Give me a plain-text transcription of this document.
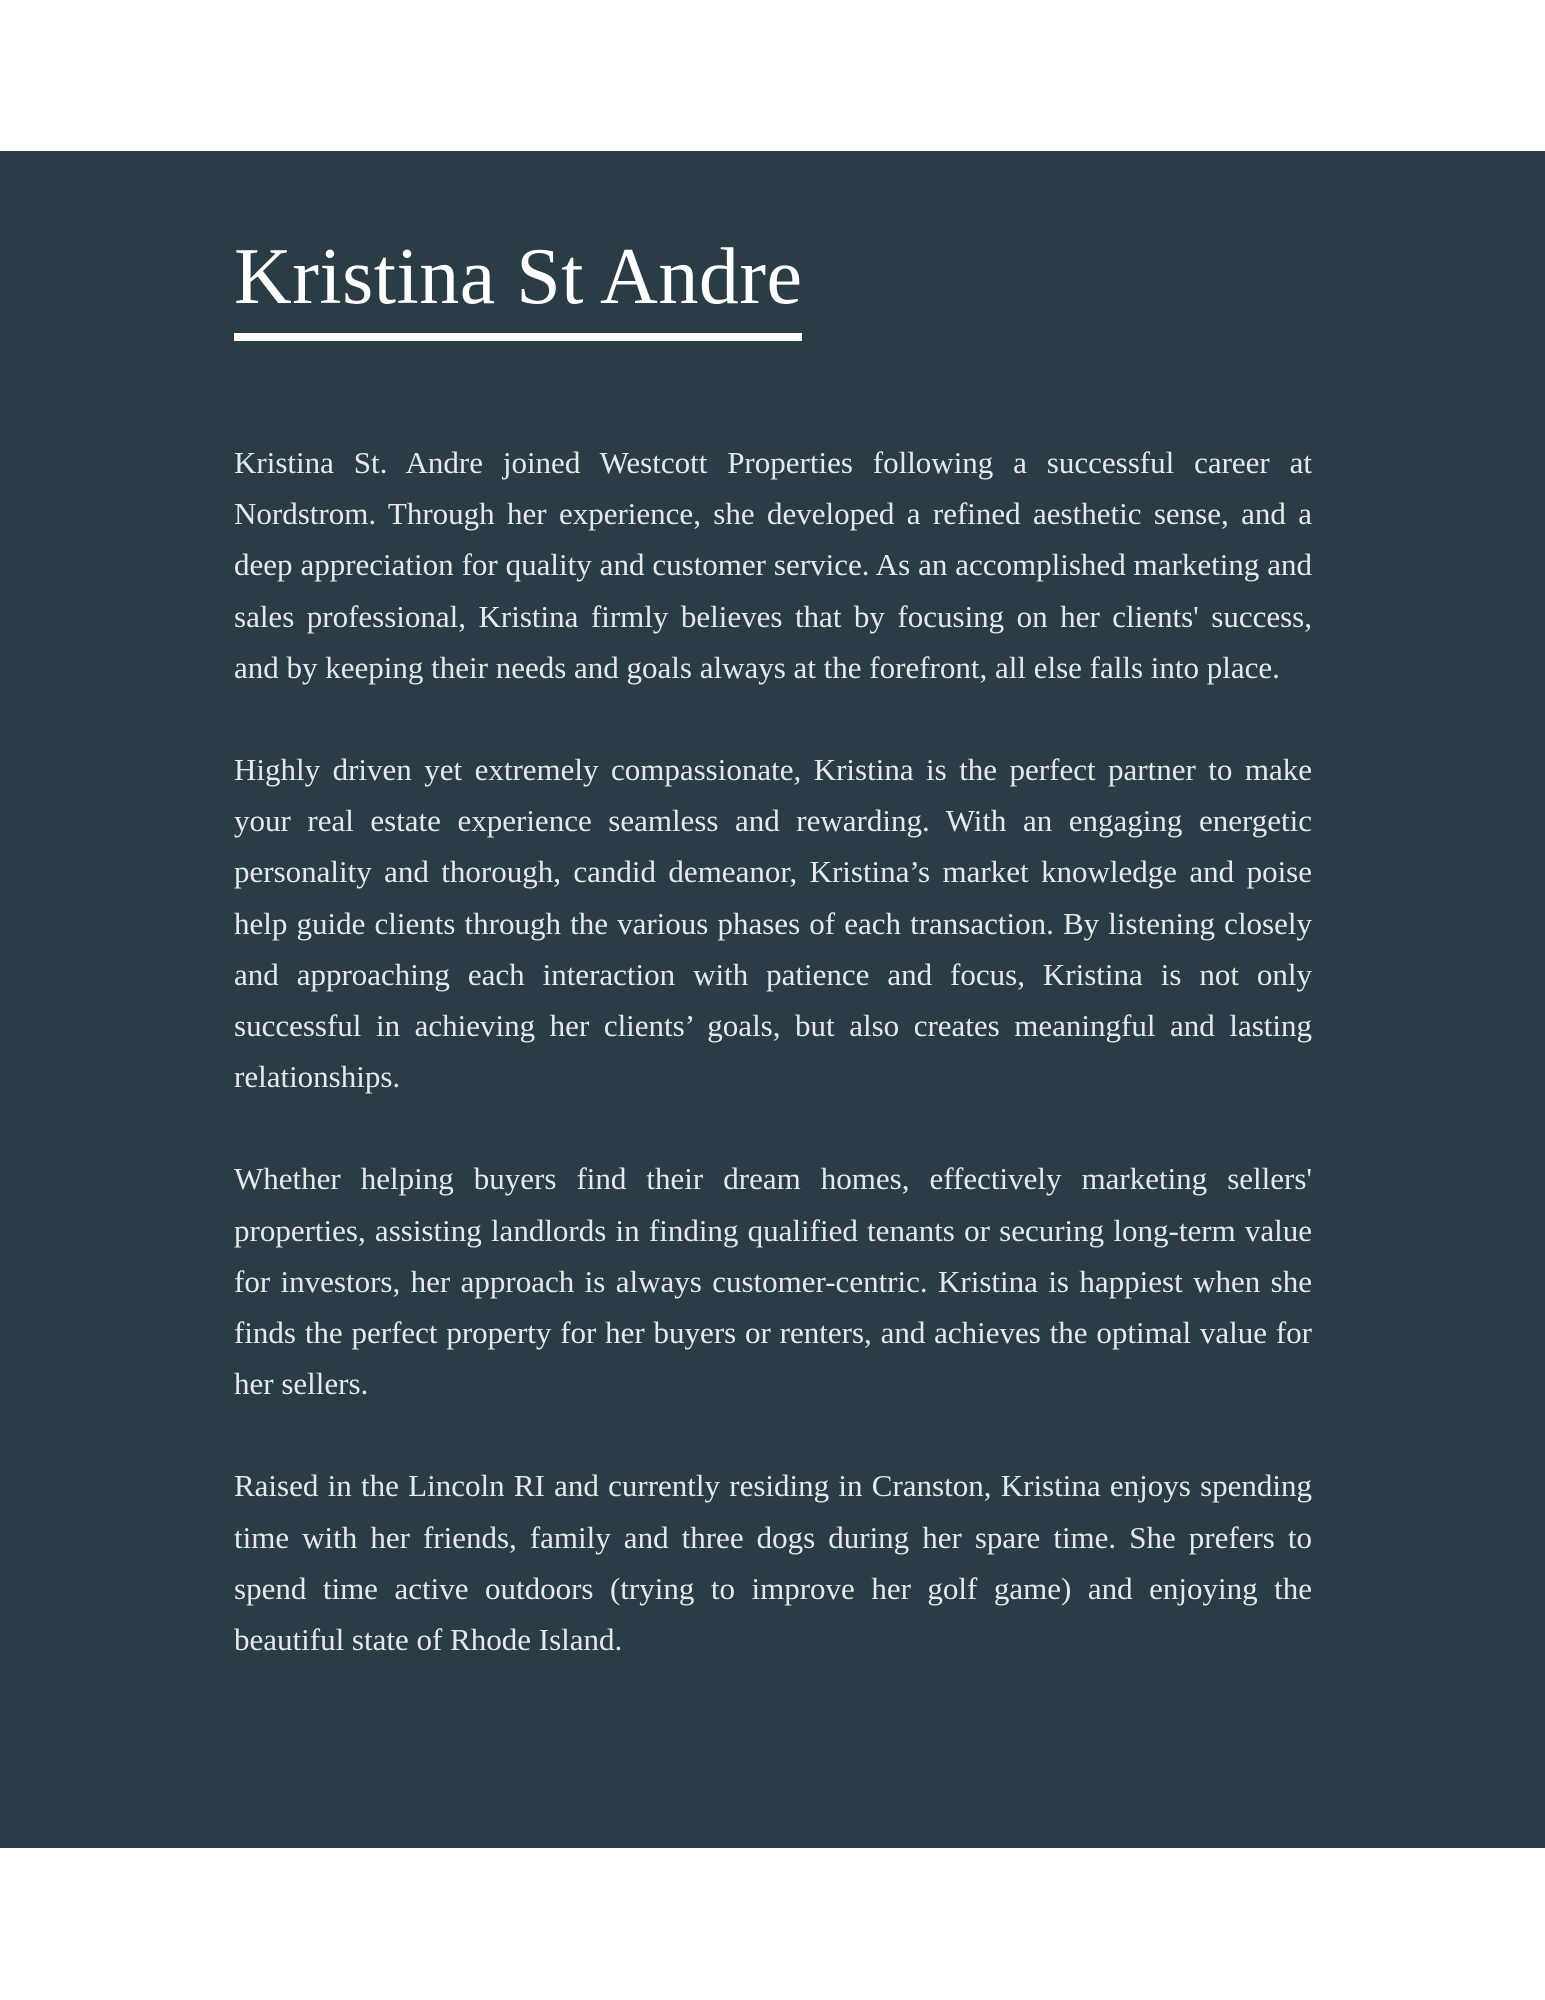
Kristina St Andre

Kristina St. Andre joined Westcott Properties following a successful career at Nordstrom. Through her experience, she developed a refined aesthetic sense, and a deep appreciation for quality and customer service. As an accomplished marketing and sales professional, Kristina firmly believes that by focusing on her clients' success, and by keeping their needs and goals always at the forefront, all else falls into place.

Highly driven yet extremely compassionate, Kristina is the perfect partner to make your real estate experience seamless and rewarding. With an engaging energetic personality and thorough, candid demeanor, Kristina’s market knowledge and poise help guide clients through the various phases of each transaction. By listening closely and approaching each interaction with patience and focus, Kristina is not only successful in achieving her clients’ goals, but also creates meaningful and lasting relationships.

Whether helping buyers find their dream homes, effectively marketing sellers' properties, assisting landlords in finding qualified tenants or securing long-term value for investors, her approach is always customer-centric. Kristina is happiest when she finds the perfect property for her buyers or renters, and achieves the optimal value for her sellers.

Raised in the Lincoln RI and currently residing in Cranston, Kristina enjoys spending time with her friends, family and three dogs during her spare time. She prefers to spend time active outdoors (trying to improve her golf game) and enjoying the beautiful state of Rhode Island.
